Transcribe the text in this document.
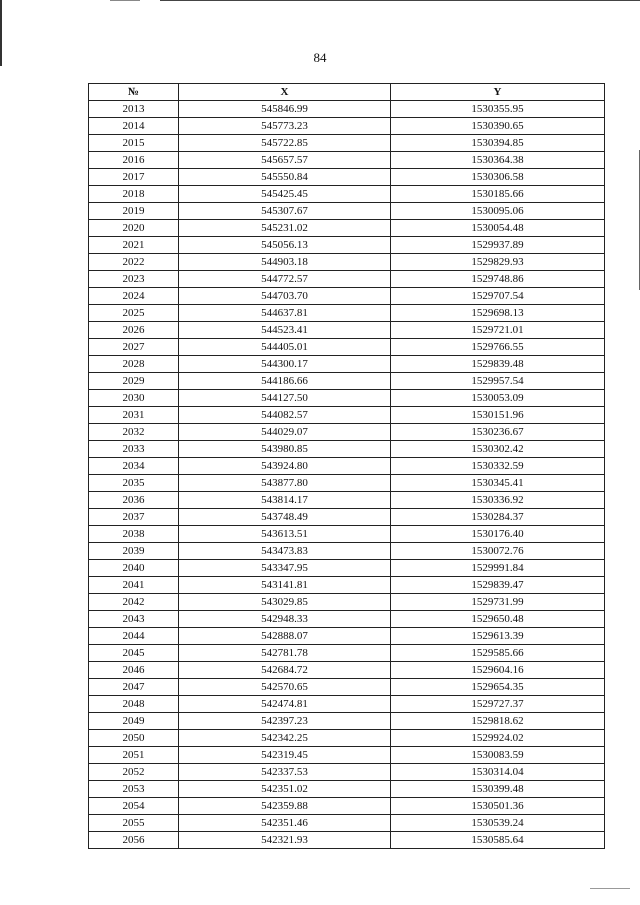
84
№	X	Y
2013	545846.99	1530355.95
2014	545773.23	1530390.65
2015	545722.85	1530394.85
2016	545657.57	1530364.38
2017	545550.84	1530306.58
2018	545425.45	1530185.66
2019	545307.67	1530095.06
2020	545231.02	1530054.48
2021	545056.13	1529937.89
2022	544903.18	1529829.93
2023	544772.57	1529748.86
2024	544703.70	1529707.54
2025	544637.81	1529698.13
2026	544523.41	1529721.01
2027	544405.01	1529766.55
2028	544300.17	1529839.48
2029	544186.66	1529957.54
2030	544127.50	1530053.09
2031	544082.57	1530151.96
2032	544029.07	1530236.67
2033	543980.85	1530302.42
2034	543924.80	1530332.59
2035	543877.80	1530345.41
2036	543814.17	1530336.92
2037	543748.49	1530284.37
2038	543613.51	1530176.40
2039	543473.83	1530072.76
2040	543347.95	1529991.84
2041	543141.81	1529839.47
2042	543029.85	1529731.99
2043	542948.33	1529650.48
2044	542888.07	1529613.39
2045	542781.78	1529585.66
2046	542684.72	1529604.16
2047	542570.65	1529654.35
2048	542474.81	1529727.37
2049	542397.23	1529818.62
2050	542342.25	1529924.02
2051	542319.45	1530083.59
2052	542337.53	1530314.04
2053	542351.02	1530399.48
2054	542359.88	1530501.36
2055	542351.46	1530539.24
2056	542321.93	1530585.64
